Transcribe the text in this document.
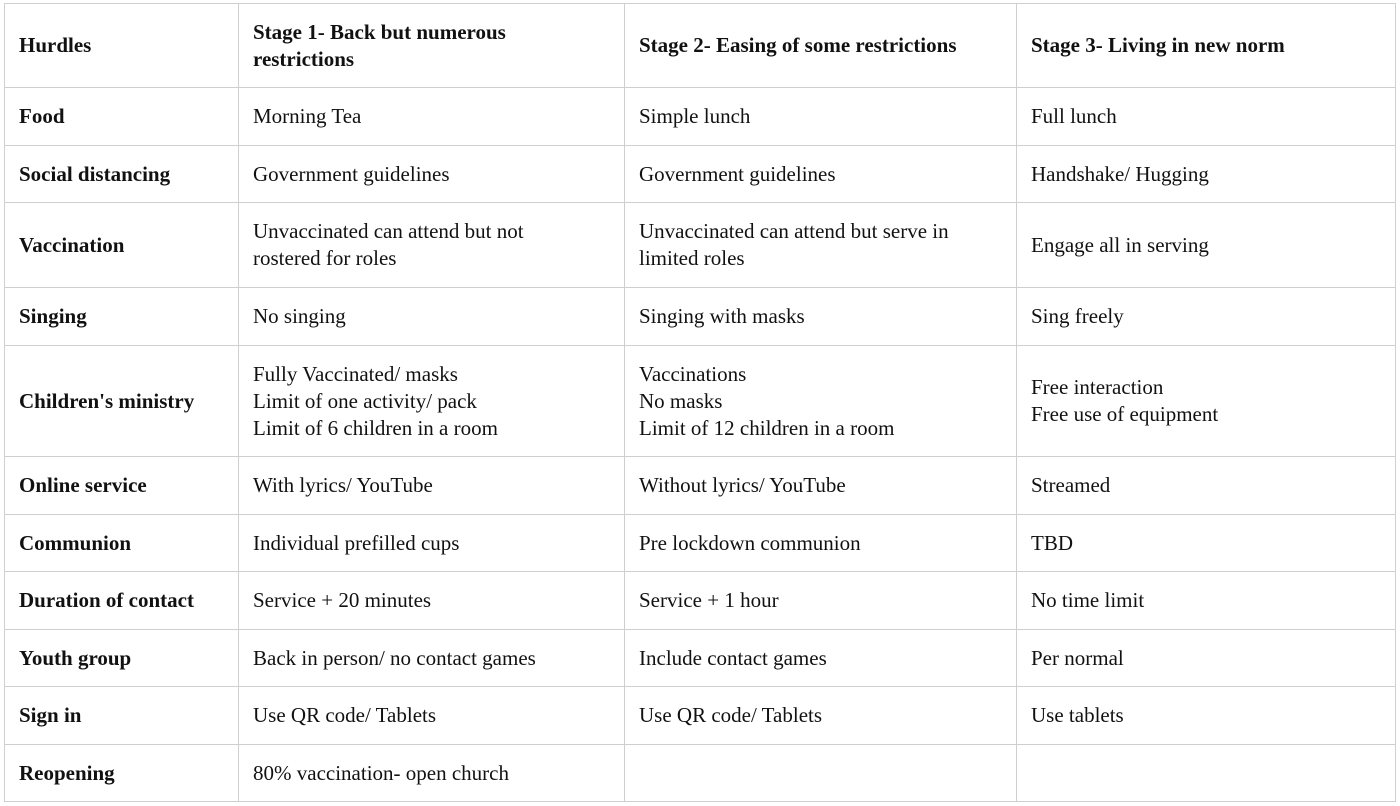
Hurdles	Stage 1- Back but numerous restrictions	Stage 2- Easing of some restrictions	Stage 3- Living in new norm
Food	Morning Tea	Simple lunch	Full lunch

Social distancing	Government guidelines	Government guidelines	Handshake/ Hugging

Vaccination	Unvaccinated can attend but not
rostered for roles	Unvaccinated can attend but serve in
limited roles	Engage all in serving

Singing	No singing	Singing with masks	Sing freely

Children's ministry	Fully Vaccinated/ masks
Limit of one activity/ pack
Limit of 6 children in a room	Vaccinations
No masks
Limit of 12 children in a room	Free interaction
Free use of equipment

Online service	With lyrics/ YouTube	Without lyrics/ YouTube	Streamed

Communion	Individual prefilled cups	Pre lockdown communion	TBD

Duration of contact	Service + 20 minutes	Service + 1 hour	No time limit

Youth group	Back in person/ no contact games	Include contact games	Per normal

Sign in	Use QR code/ Tablets	Use QR code/ Tablets	Use tablets

Reopening	80% vaccination- open church		
